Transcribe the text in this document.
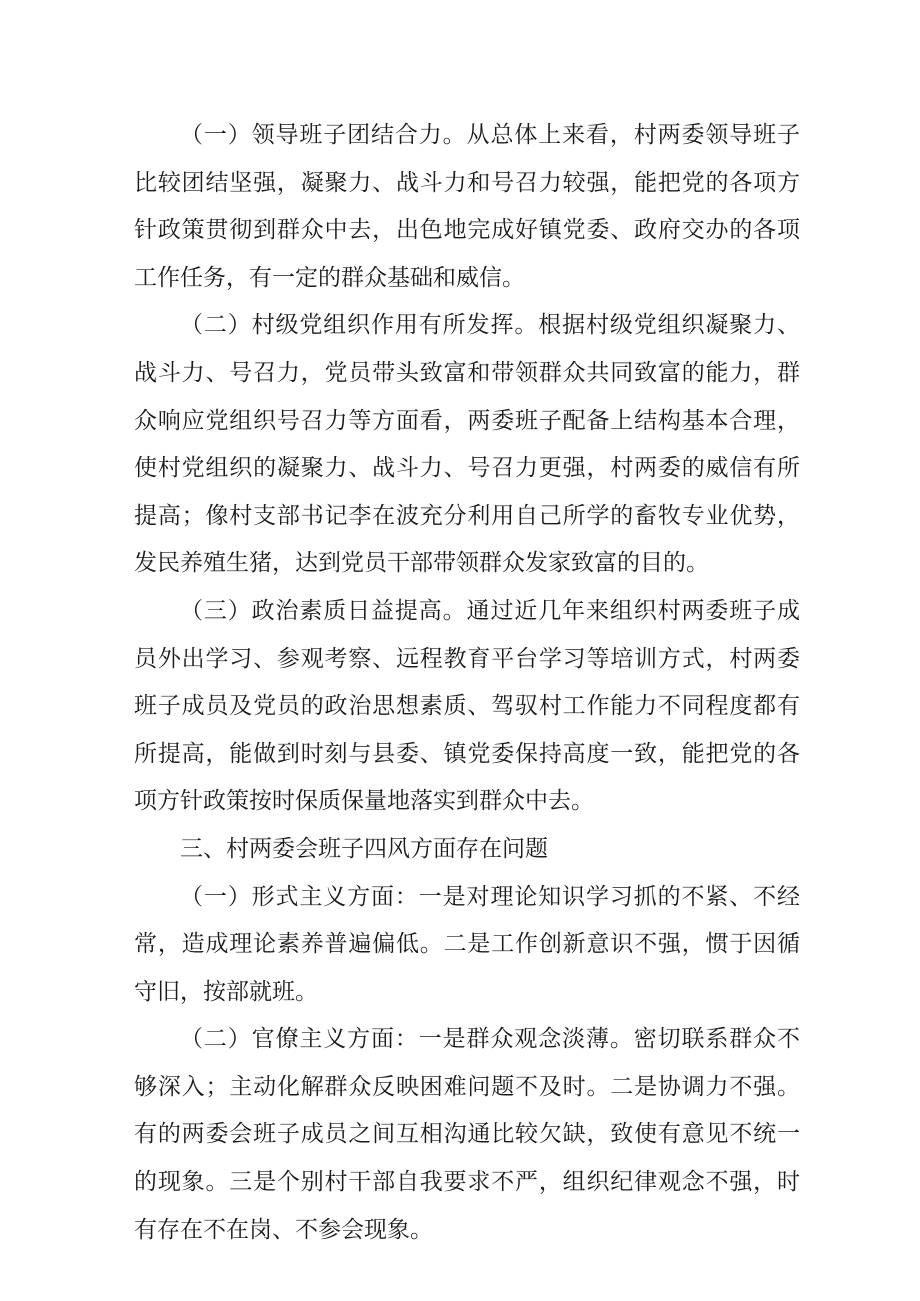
（一）领导班子团结合力。从总体上来看，村两委领导班子比较团结坚强，凝聚力、战斗力和号召力较强，能把党的各项方针政策贯彻到群众中去，出色地完成好镇党委、政府交办的各项工作任务，有一定的群众基础和威信。

（二）村级党组织作用有所发挥。根据村级党组织凝聚力、战斗力、号召力，党员带头致富和带领群众共同致富的能力，群众响应党组织号召力等方面看，两委班子配备上结构基本合理，使村党组织的凝聚力、战斗力、号召力更强，村两委的威信有所提高；像村支部书记李在波充分利用自己所学的畜牧专业优势，发民养殖生猪，达到党员干部带领群众发家致富的目的。

（三）政治素质日益提高。通过近几年来组织村两委班子成员外出学习、参观考察、远程教育平台学习等培训方式，村两委班子成员及党员的政治思想素质、驾驭村工作能力不同程度都有所提高，能做到时刻与县委、镇党委保持高度一致，能把党的各项方针政策按时保质保量地落实到群众中去。

三、村两委会班子四风方面存在问题

（一）形式主义方面：一是对理论知识学习抓的不紧、不经常，造成理论素养普遍偏低。二是工作创新意识不强，惯于因循守旧，按部就班。

（二）官僚主义方面：一是群众观念淡薄。密切联系群众不够深入；主动化解群众反映困难问题不及时。二是协调力不强。有的两委会班子成员之间互相沟通比较欠缺，致使有意见不统一的现象。三是个别村干部自我要求不严，组织纪律观念不强，时有存在不在岗、不参会现象。
